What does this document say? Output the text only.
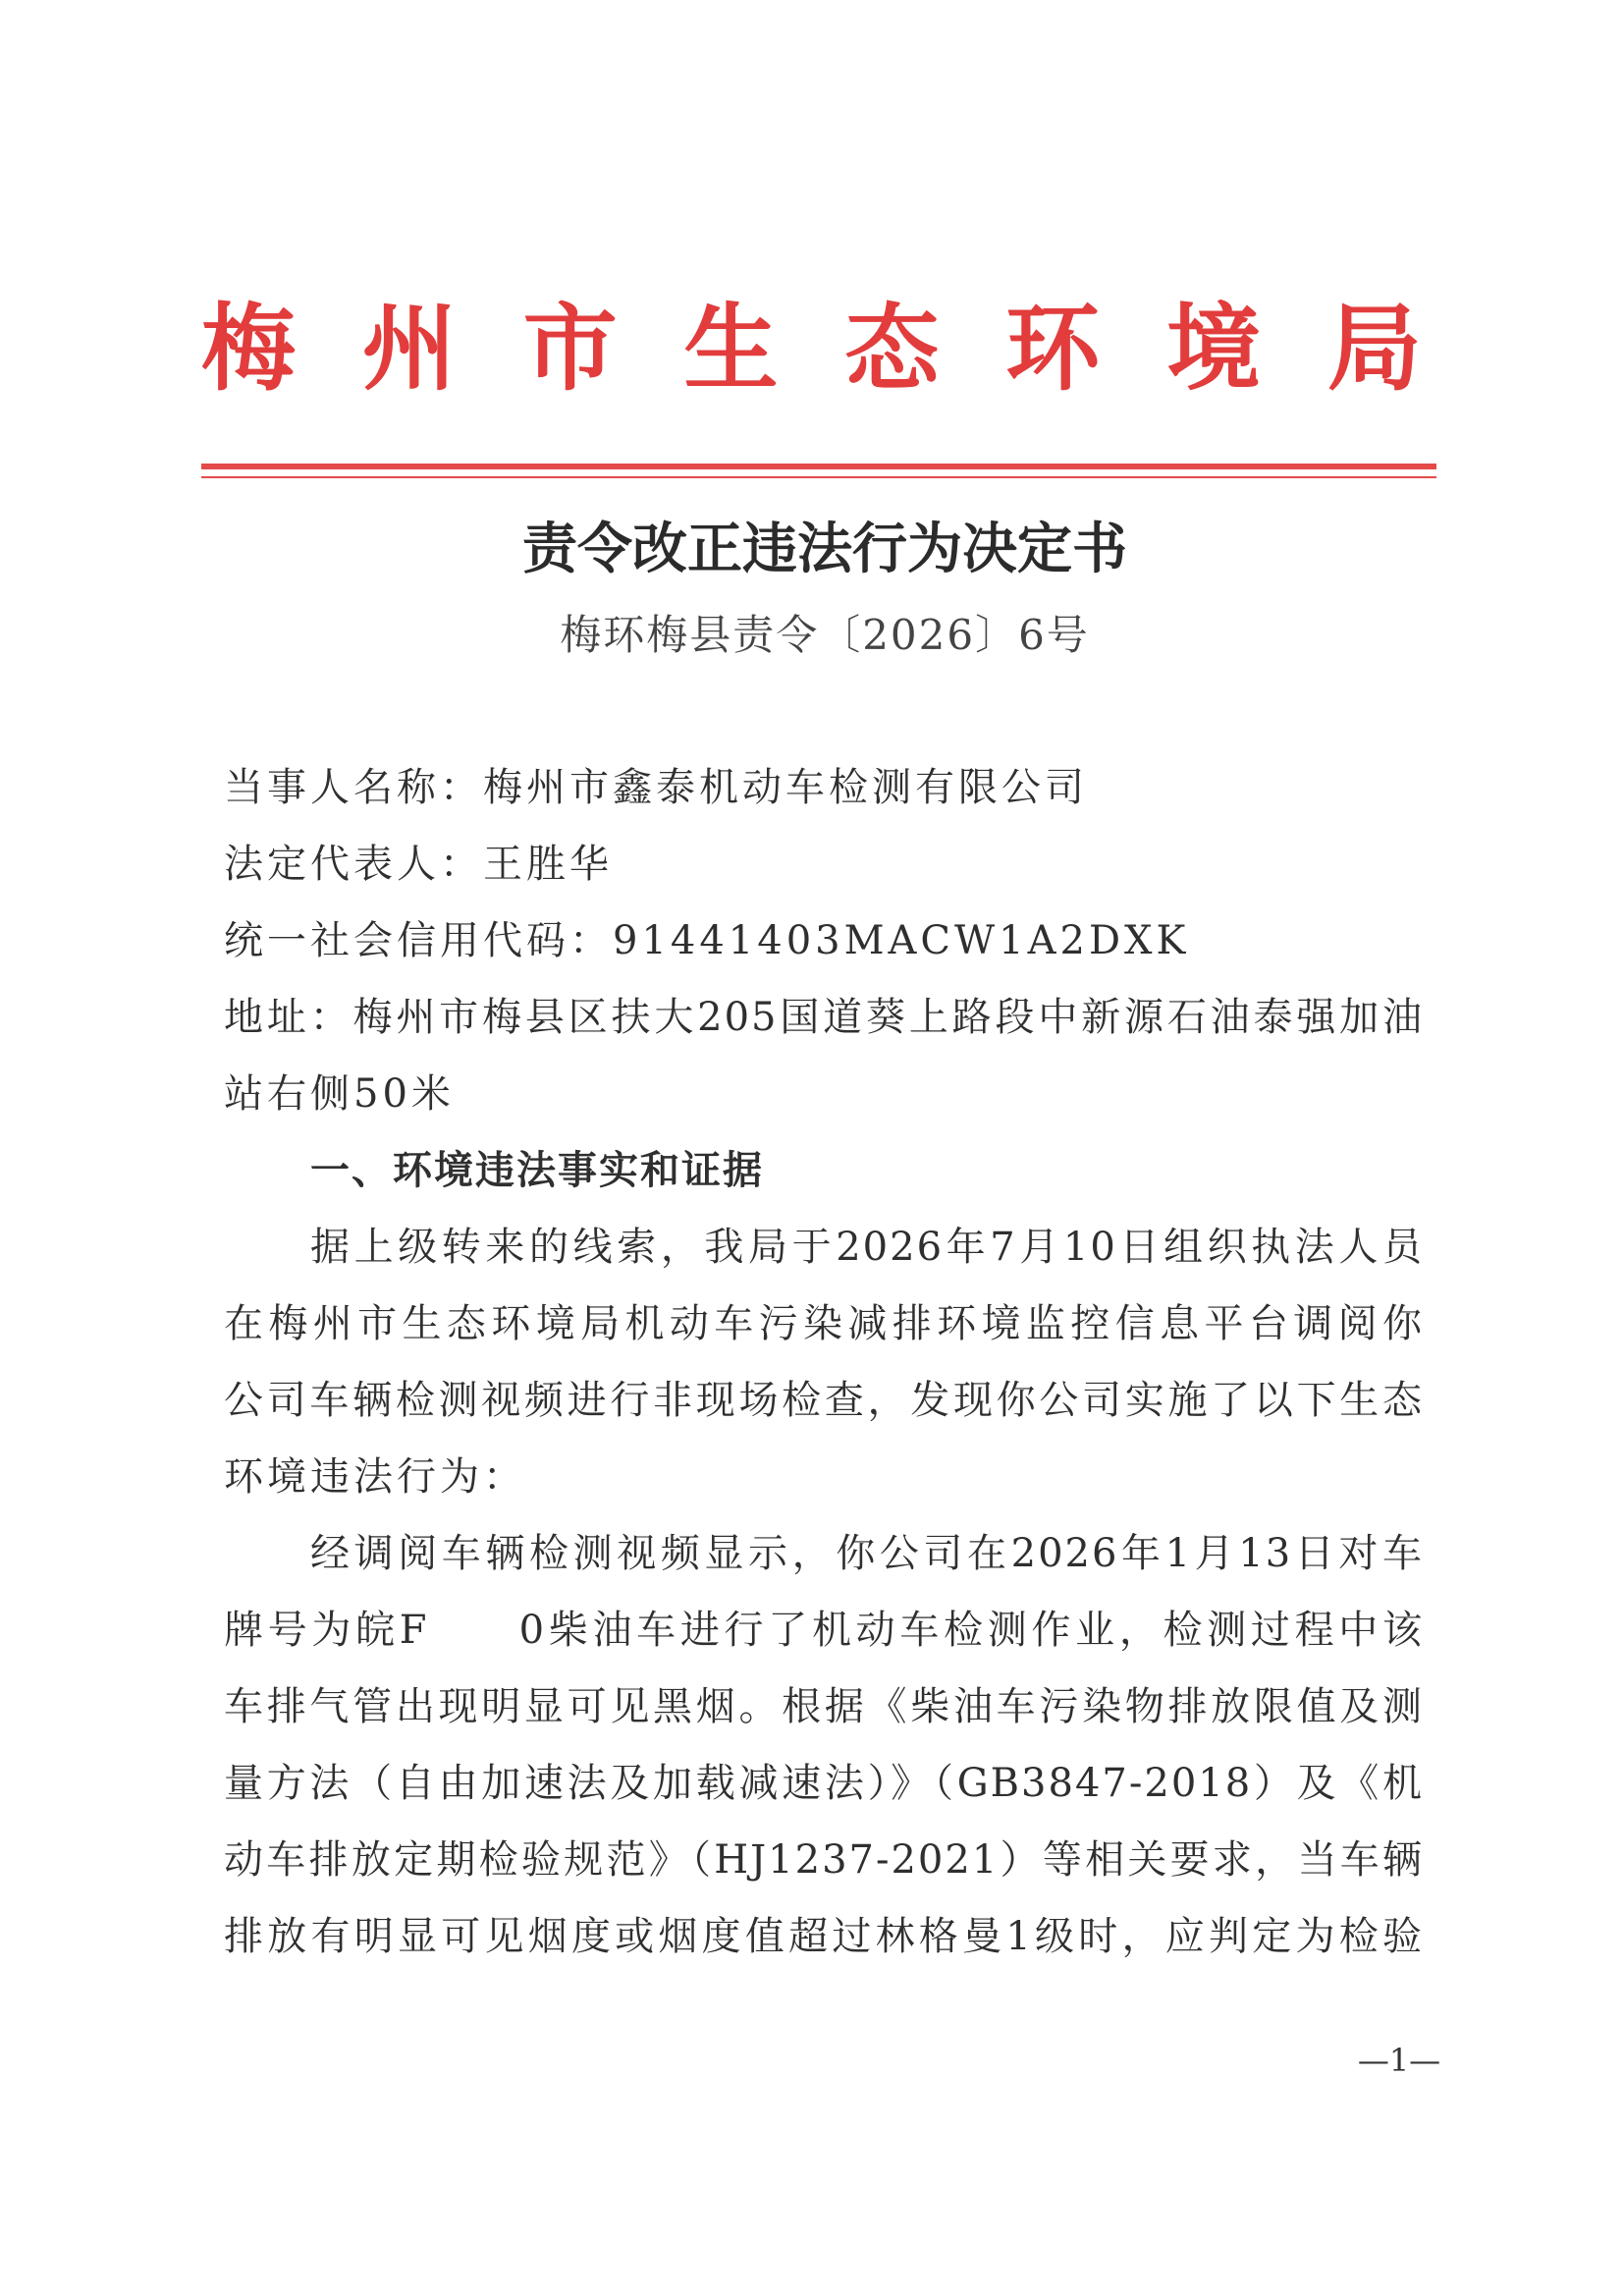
梅 州 市 生 态 环 境 局
责令改正违法行为决定书
梅环梅县责令〔2026〕6号
当事人名称：梅州市鑫泰机动车检测有限公司
法定代表人：王胜华
统一社会信用代码：91441403MACW1A2DXK
地址：梅州市梅县区扶大205国道葵上路段中新源石油泰强加油
站右侧50米
一、环境违法事实和证据
据上级转来的线索，我局于2026年7月10日组织执法人员
在梅州市生态环境局机动车污染减排环境监控信息平台调阅你
公司车辆检测视频进行非现场检查，发现你公司实施了以下生态
环境违法行为：
经调阅车辆检测视频显示，你公司在2026年1月13日对车
牌号为皖F　　0柴油车进行了机动车检测作业，检测过程中该
车排气管出现明显可见黑烟。根据《柴油车污染物排放限值及测
量方法（自由加速法及加载减速法）》（GB3847-2018）及《机
动车排放定期检验规范》（HJ1237-2021）等相关要求，当车辆
排放有明显可见烟度或烟度值超过林格曼1级时，应判定为检验
—1—
